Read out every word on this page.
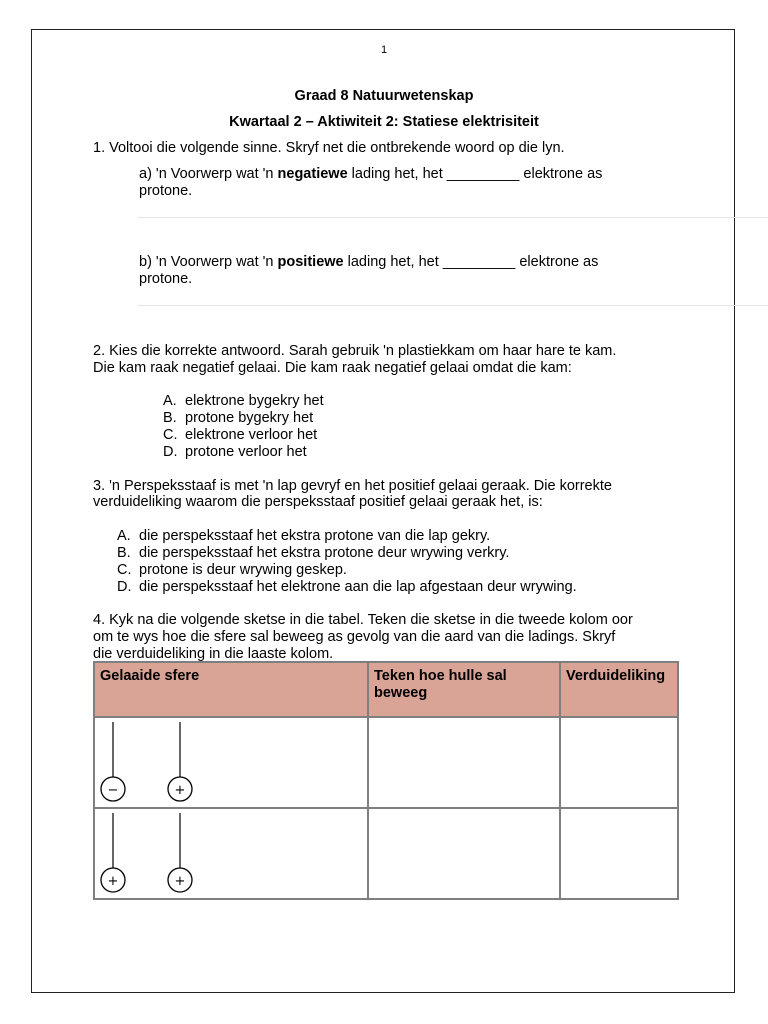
1
Graad 8 Natuurwetenskap
Kwartaal 2 – Aktiwiteit 2: Statiese elektrisiteit
1. Voltooi die volgende sinne. Skryf net die ontbrekende woord op die lyn.
a) 'n Voorwerp wat 'n negatiewe lading het, het _________ elektrone as
protone.
b) 'n Voorwerp wat 'n positiewe lading het, het _________ elektrone as
protone.
2. Kies die korrekte antwoord. Sarah gebruik 'n plastiekkam om haar hare te kam.
Die kam raak negatief gelaai. Die kam raak negatief gelaai omdat die kam:
A. elektrone bygekry het
B. protone bygekry het
C. elektrone verloor het
D. protone verloor het
3. 'n Perspeksstaaf is met 'n lap gevryf en het positief gelaai geraak. Die korrekte
verduideliking waarom die perspeksstaaf positief gelaai geraak het, is:
A. die perspeksstaaf het ekstra protone van die lap gekry.
B. die perspeksstaaf het ekstra protone deur wrywing verkry.
C. protone is deur wrywing geskep.
D. die perspeksstaaf het elektrone aan die lap afgestaan deur wrywing.
4. Kyk na die volgende sketse in die tabel. Teken die sketse in die tweede kolom oor
om te wys hoe die sfere sal beweeg as gevolg van die aard van die ladings. Skryf
die verduideliking in die laaste kolom.
Gelaaide sfere	Teken hoe hulle sal beweeg	Verduideliking

− +		

+ +		
